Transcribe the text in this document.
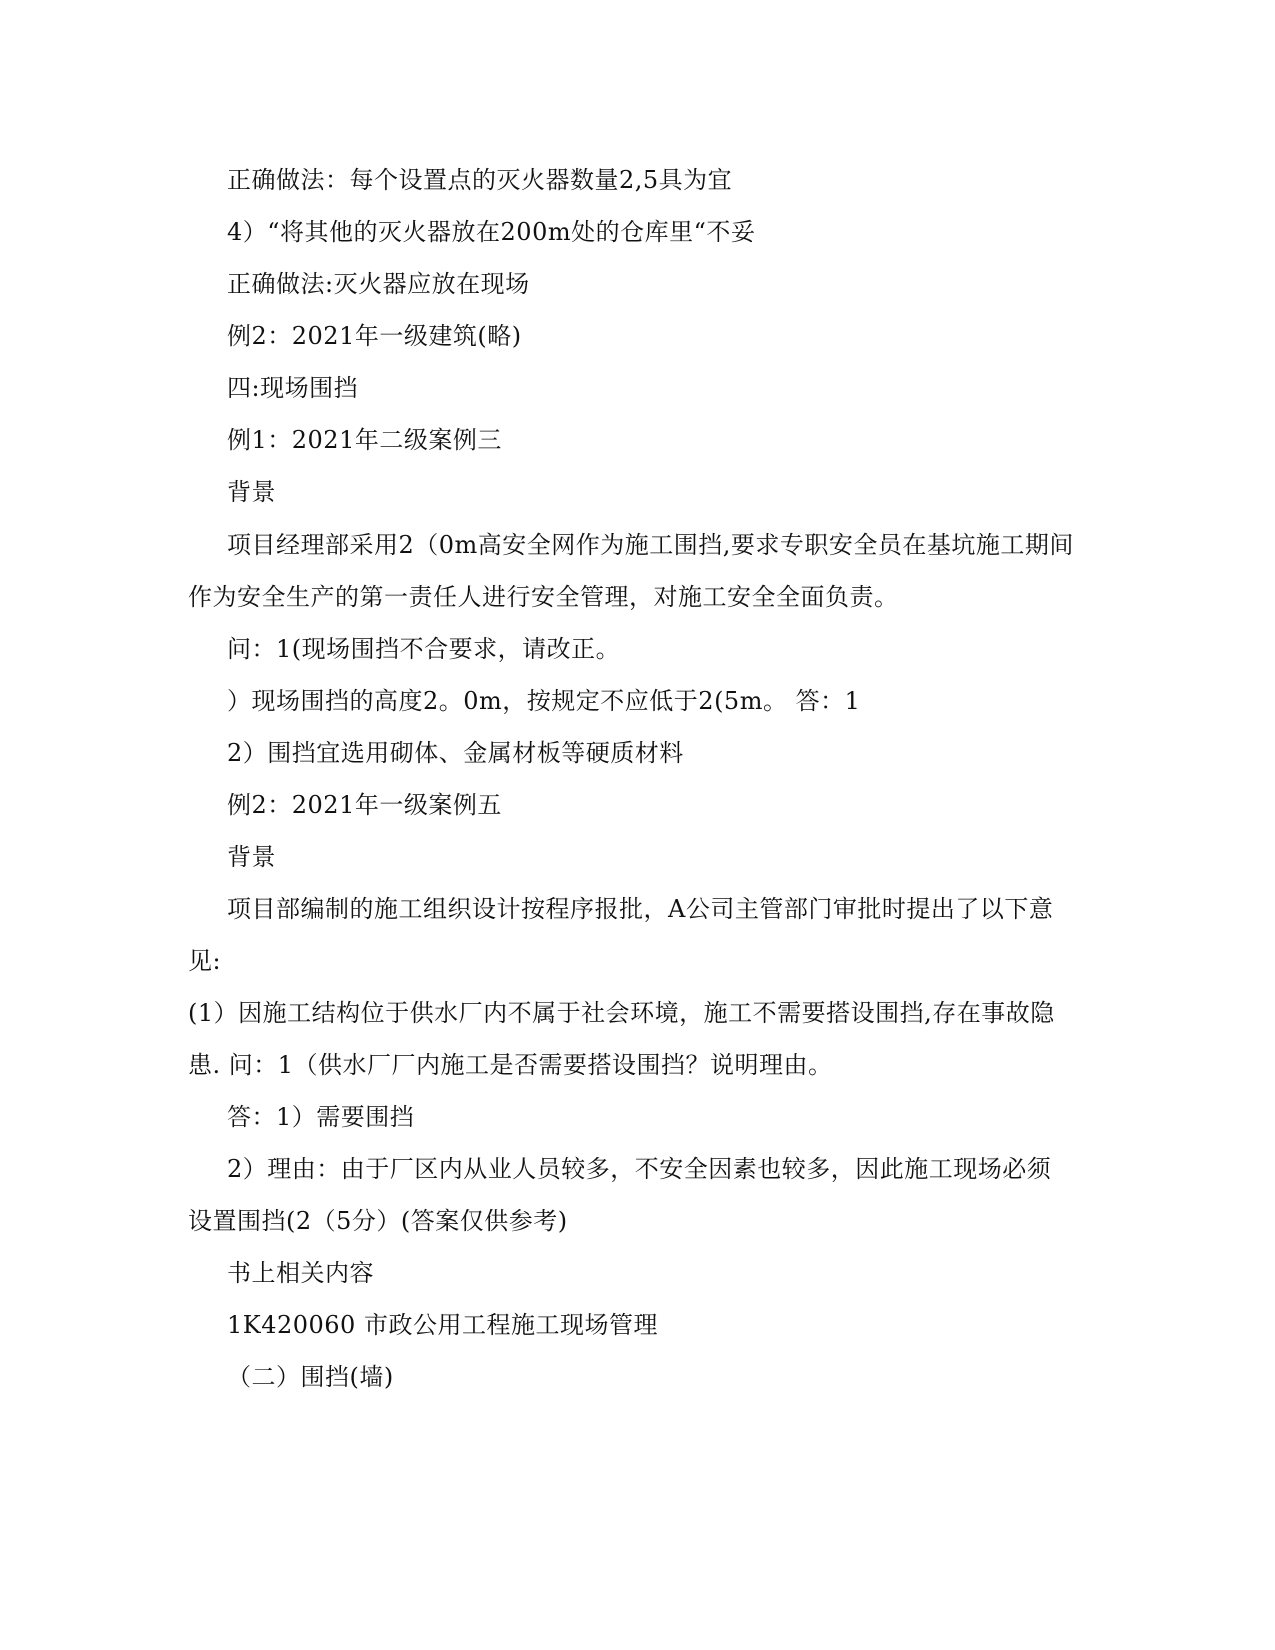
正确做法：每个设置点的灭火器数量2,5具为宜
4）“将其他的灭火器放在200m处的仓库里“不妥
正确做法:灭火器应放在现场
例2：2021年一级建筑(略)
四:现场围挡
例1：2021年二级案例三
背景
项目经理部采用2（0m高安全网作为施工围挡,要求专职安全员在基坑施工期间
作为安全生产的第一责任人进行安全管理，对施工安全全面负责。
问：1(现场围挡不合要求，请改正。
）现场围挡的高度2。0m，按规定不应低于2(5m。 答：1
2）围挡宜选用砌体、金属材板等硬质材料
例2：2021年一级案例五
背景
项目部编制的施工组织设计按程序报批，A公司主管部门审批时提出了以下意
见:
(1）因施工结构位于供水厂内不属于社会环境，施工不需要搭设围挡,存在事故隐
患. 问：1（供水厂厂内施工是否需要搭设围挡？说明理由。
答：1）需要围挡
2）理由：由于厂区内从业人员较多，不安全因素也较多，因此施工现场必须
设置围挡(2（5分）(答案仅供参考)
书上相关内容
1K420060 市政公用工程施工现场管理
（二）围挡(墙)
